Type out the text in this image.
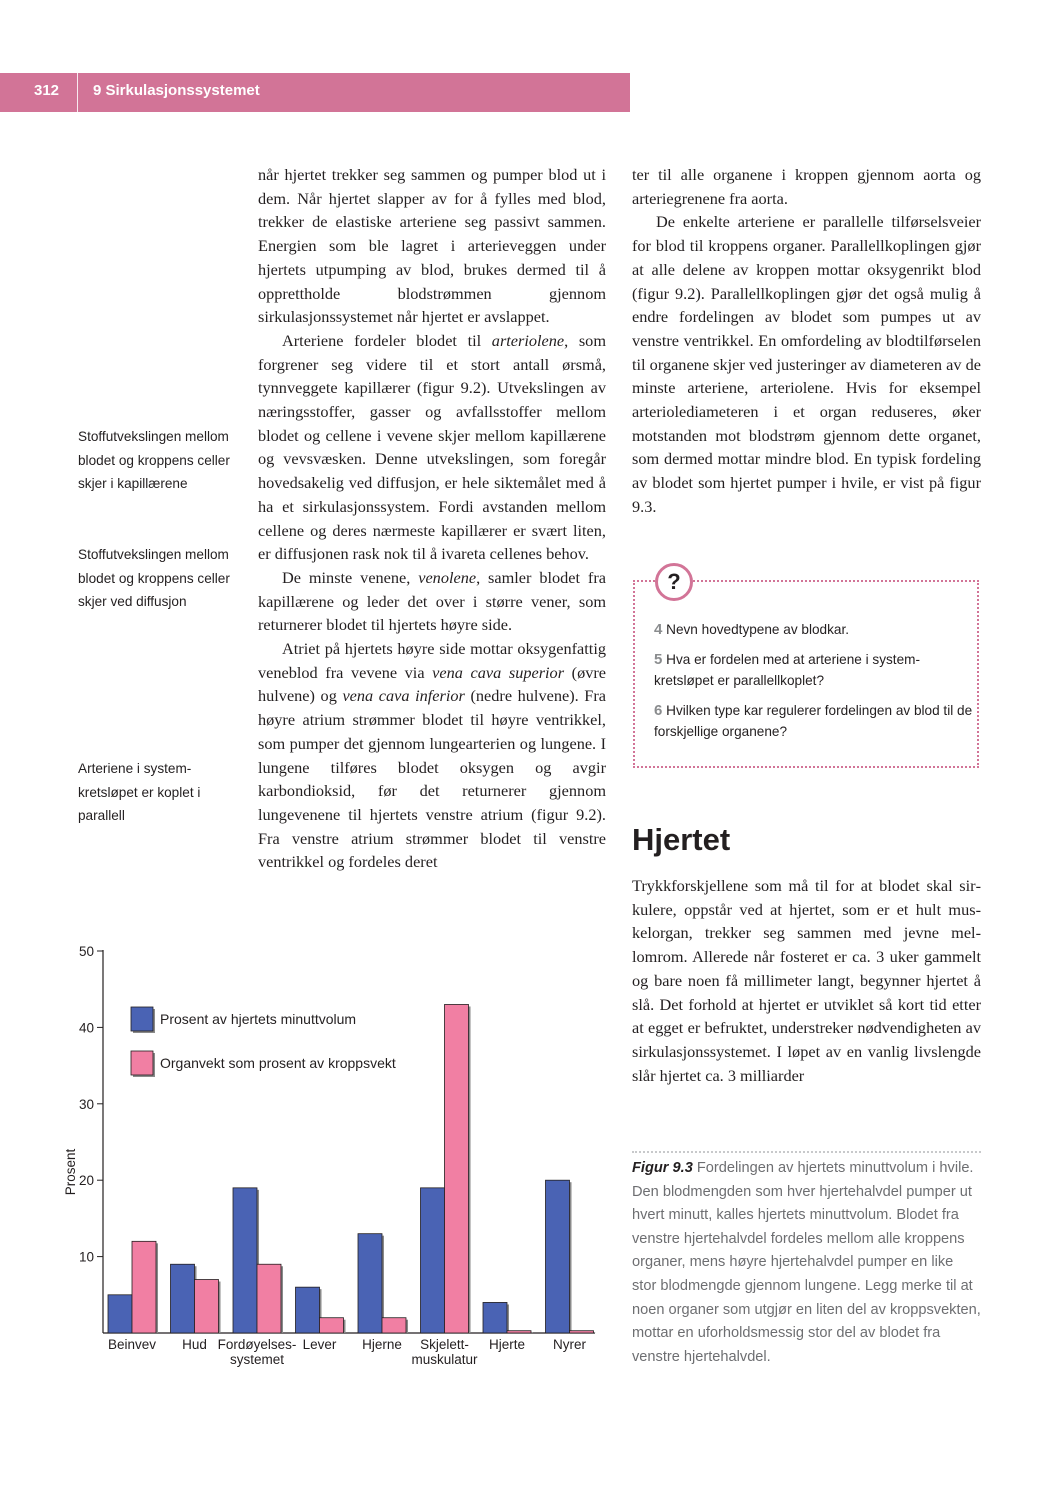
312 9 Sirkulasjonssystemet
Stoffutvekslingen mellom blodet og kroppens celler skjer i kapillærene
Stoffutvekslingen mellom blodet og kroppens celler skjer ved diffusjon
Arteriene i systemkretsløpet er koplet i parallell

når hjertet trekker seg sammen og pumper blod ut i dem. Når hjertet slapper av for å fylles med blod, trekker de elastiske arteriene seg passivt sammen. Energien som ble lagret i arterieveggen under hjertets utpumping av blod, brukes dermed til å opprettholde blodstrømmen gjennom sirkulasjonssystemet når hjertet er avslappet.

Arteriene fordeler blodet til arteriolene, som forgrener seg videre til et stort antall ørsmå, tynnveggete kapillærer (figur 9.2). Utvekslingen av næringsstoffer, gasser og avfallsstoffer mellom blodet og cellene i vevene skjer mellom kapillærene og vevsvæsken. Denne utvekslingen, som foregår hovedsakelig ved diffusjon, er hele siktemålet med å ha et sirkulasjonssystem. Fordi avstanden mellom cellene og deres nærmeste kapillærer er svært liten, er diffusjonen rask nok til å ivareta cellenes behov.

De minste venene, venolene, samler blodet fra kapillærene og leder det over i større vener, som returnerer blodet til hjertets høyre side.

Atriet på hjertets høyre side mottar oksygenfattig veneblod fra vevene via vena cava superior (øvre hulvene) og vena cava inferior (nedre hulvene). Fra høyre atrium strømmer blodet til høyre ventrikkel, som pumper det gjennom lungearterien og lungene. I lungene tilføres blodet oksygen og avgir karbondioksid, før det returnerer gjennom lungevenene til hjertets venstre atrium (figur 9.2). Fra venstre atrium strømmer blodet til venstre ventrikkel og fordeles deret

ter til alle organene i kroppen gjennom aorta og arteriegrenene fra aorta.

De enkelte arteriene er parallelle tilførselsveier for blod til kroppens organer. Parallellkoplingen gjør at alle delene av kroppen mottar oksygenrikt blod (figur 9.2). Parallellkoplingen gjør det også mulig å endre fordelingen av blodet som pumpes ut av venstre ventrikkel. En omfordeling av blodtilførselen til organene skjer ved justeringer av diameteren av de minste arteriene, arteriolene. Hvis for eksempel arteriolediameteren i et organ reduseres, øker motstanden mot blodstrøm gjennom dette organet, som dermed mottar mindre blod. En typisk fordeling av blodet som hjertet pumper i hvile, er vist på figur 9.3.

?
4 Nevn hovedtypene av blodkar.
5 Hva er fordelen med at arteriene i systemkretsløpet er parallellkoplet?
6 Hvilken type kar regulerer fordelingen av blod til de forskjellige organene?
Hjertet

Trykkforskjellene som må til for at blodet skal sirkulere, oppstår ved at hjertet, som er et hult muskelorgan, trekker seg sammen med jevne mellomrom. Allerede når fosteret er ca. 3 uker gammelt og bare noen få millimeter langt, begynner hjertet å slå. Det forhold at hjertet er utviklet så kort tid etter at egget er befruktet, understreker nødvendigheten av sirkulasjonssystemet. I løpet av en vanlig livslengde slår hjertet ca. 3 milliarder

Figur 9.3 Fordelingen av hjertets minuttvolum i hvile. Den blodmengden som hver hjertehalvdel pumper ut hvert minutt, kalles hjertets minuttvolum. Blodet fra venstre hjertehalvdel fordeles mellom alle kroppens organer, mens høyre hjertehalvdel pumper en like stor blodmengde gjennom lungene. Legg merke til at noen organer som utgjør en liten del av kroppsvekten, mottar en uforholdsmessig stor del av blodet fra venstre hjertehalvdel.
10
20
30
40
50
Prosent
Beinvev Hud Fordøyelses-
systemet
Lever Hjerne Skjelett-
muskulatur
Hjerte Nyrer
Prosent av hjertets minuttvolum
Organvekt som prosent av kroppsvekt
